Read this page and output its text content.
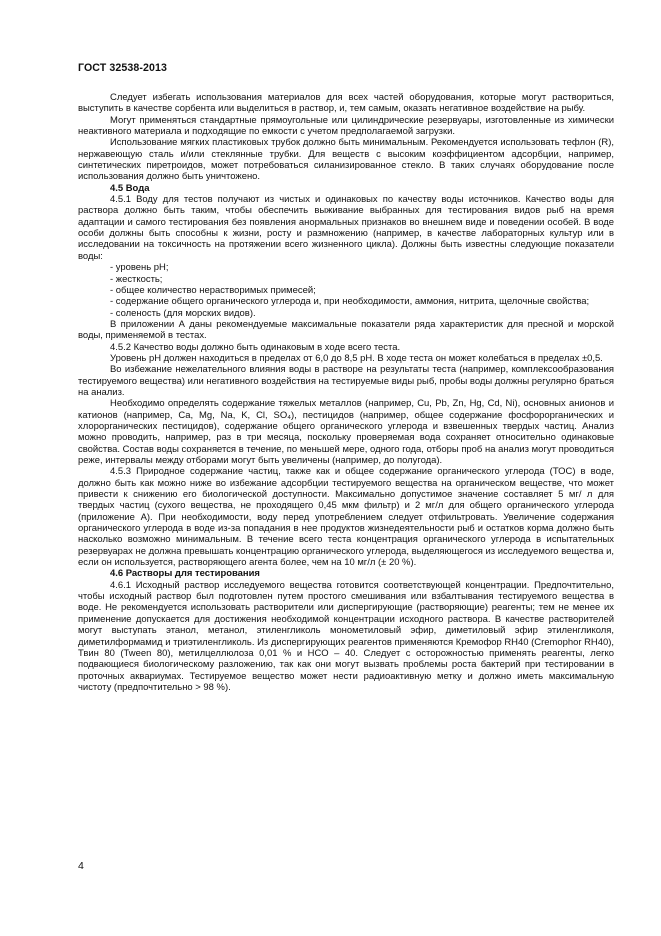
ГОСТ 32538-2013

Следует избегать использования материалов для всех частей оборудования, которые могут раствориться, выступить в качестве сорбента или выделиться в раствор, и, тем самым, оказать негативное воздействие на рыбу.

Могут применяться стандартные прямоугольные или цилиндрические резервуары, изготовленные из химически неактивного материала и подходящие по емкости с учетом предполагаемой загрузки.

Использование мягких пластиковых трубок должно быть минимальным. Рекомендуется использовать тефлон (R), нержавеющую сталь и/или стеклянные трубки. Для веществ с высоким коэффициентом адсорбции, например, синтетических пиретроидов, может потребоваться силанизированное стекло. В таких случаях оборудование после использования должно быть уничтожено.

4.5 Вода

4.5.1 Воду для тестов получают из чистых и одинаковых по качеству воды источников. Качество воды для раствора должно быть таким, чтобы обеспечить выживание выбранных для тестирования видов рыб на время адаптации и самого тестирования без появления анормальных признаков во внешнем виде и поведении особей. В воде особи должны быть способны к жизни, росту и размножению (например, в качестве лабораторных культур или в исследовании на токсичность на протяжении всего жизненного цикла). Должны быть известны следующие показатели воды:

- уровень pH;

- жесткость;

- общее количество нерастворимых примесей;

- содержание общего органического углерода и, при необходимости, аммония, нитрита, щелочные свойства;

- соленость (для морских видов).

В приложении А даны рекомендуемые максимальные показатели ряда характеристик для пресной и морской воды, применяемой в тестах.

4.5.2 Качество воды должно быть одинаковым в ходе всего теста.

Уровень pH должен находиться в пределах от 6,0 до 8,5 pH. В ходе теста он может колебаться в пределах ±0,5.

Во избежание нежелательного влияния воды в растворе на результаты теста (например, комплексообразования тестируемого вещества) или негативного воздействия на тестируемые виды рыб, пробы воды должны регулярно браться на анализ.

Необходимо определять содержание тяжелых металлов (например, Cu, Pb, Zn, Hg, Cd, Ni), основных анионов и катионов (например, Ca, Mg, Na, K, Cl, SO₄), пестицидов (например, общее содержание фосфорорганических и хлорорганических пестицидов), содержание общего органического углерода и взвешенных твердых частиц. Анализ можно проводить, например, раз в три месяца, поскольку проверяемая вода сохраняет относительно одинаковые свойства. Состав воды сохраняется в течение, по меньшей мере, одного года, отборы проб на анализ могут проводиться реже, интервалы между отборами могут быть увеличены (например, до полугода).

4.5.3 Природное содержание частиц, также как и общее содержание органического углерода (ТОС) в воде, должно быть как можно ниже во избежание адсорбции тестируемого вещества на органическом веществе, что может привести к снижению его биологической доступности. Максимально допустимое значение составляет 5 мг/ л для твердых частиц (сухого вещества, не проходящего 0,45 мкм фильтр) и 2 мг/л для общего органического углерода (приложение А). При необходимости, воду перед употреблением следует отфильтровать. Увеличение содержания органического углерода в воде из-за попадания в нее продуктов жизнедеятельности рыб и остатков корма должно быть насколько возможно минимальным. В течение всего теста концентрация органического углерода в испытательных резервуарах не должна превышать концентрацию органического углерода, выделяющегося из исследуемого вещества и, если он используется, растворяющего агента более, чем на 10 мг/л (± 20 %).

4.6 Растворы для тестирования

4.6.1 Исходный раствор исследуемого вещества готовится соответствующей концентрации. Предпочтительно, чтобы исходный раствор был подготовлен путем простого смешивания или взбалтывания тестируемого вещества в воде. Не рекомендуется использовать растворители или диспергирующие (растворяющие) реагенты; тем не менее их применение допускается для достижения необходимой концентрации исходного раствора. В качестве растворителей могут выступать этанол, метанол, этиленгликоль монометиловый эфир, диметиловый эфир этиленгликоля, диметилформамид и триэтиленгликоль. Из диспергирующих реагентов применяются Кремофор RH40 (Cremophor RH40), Твин 80 (Tween 80), метилцеллюлоза 0,01 % и HCO – 40. Следует с осторожностью применять реагенты, легко подвающиеся биологическому разложению, так как они могут вызвать проблемы роста бактерий при тестировании в проточных аквариумах. Тестируемое вещество может нести радиоактивную метку и должно иметь максимальную чистоту (предпочтительно > 98 %).

4
